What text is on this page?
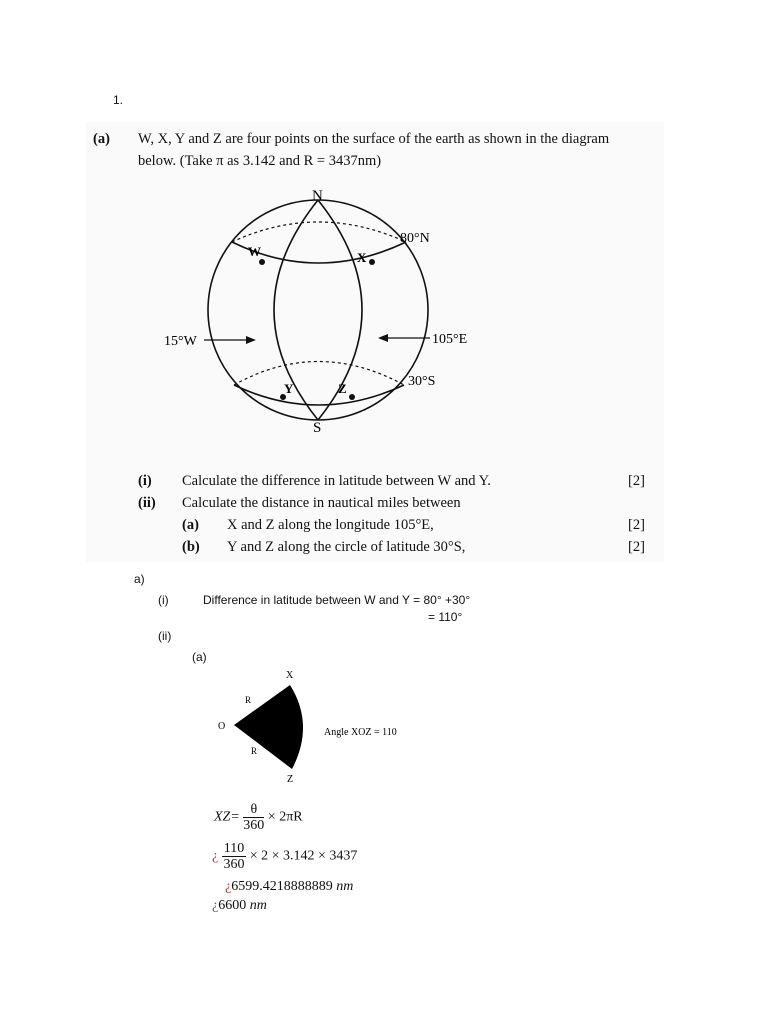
1.
(a) W, X, Y and Z are four points on the surface of the earth as shown in the diagram
below. (Take π as 3.142 and R = 3437nm)
N
S
80°N
30°S
15°W	105°E
W	X
Y	Z
(i) Calculate the difference in latitude between W and Y.	[2]
(ii) Calculate the distance in nautical miles between
(a) X and Z along the longitude 105°E,	[2]
(b) Y and Z along the circle of latitude 30°S,	[2]
a)
(i)	Difference in latitude between W and Y = 80° +30°
= 110°
(ii)
(a)
X
Z
O
R
R
Angle XOZ = 110
$XZ= \frac{\theta}{360} \times 2\pi R$
¿ $\frac{110}{360} \times 2 \times 3.142 \times 3437$
¿6599.4218888889 nm
¿6600 nm
